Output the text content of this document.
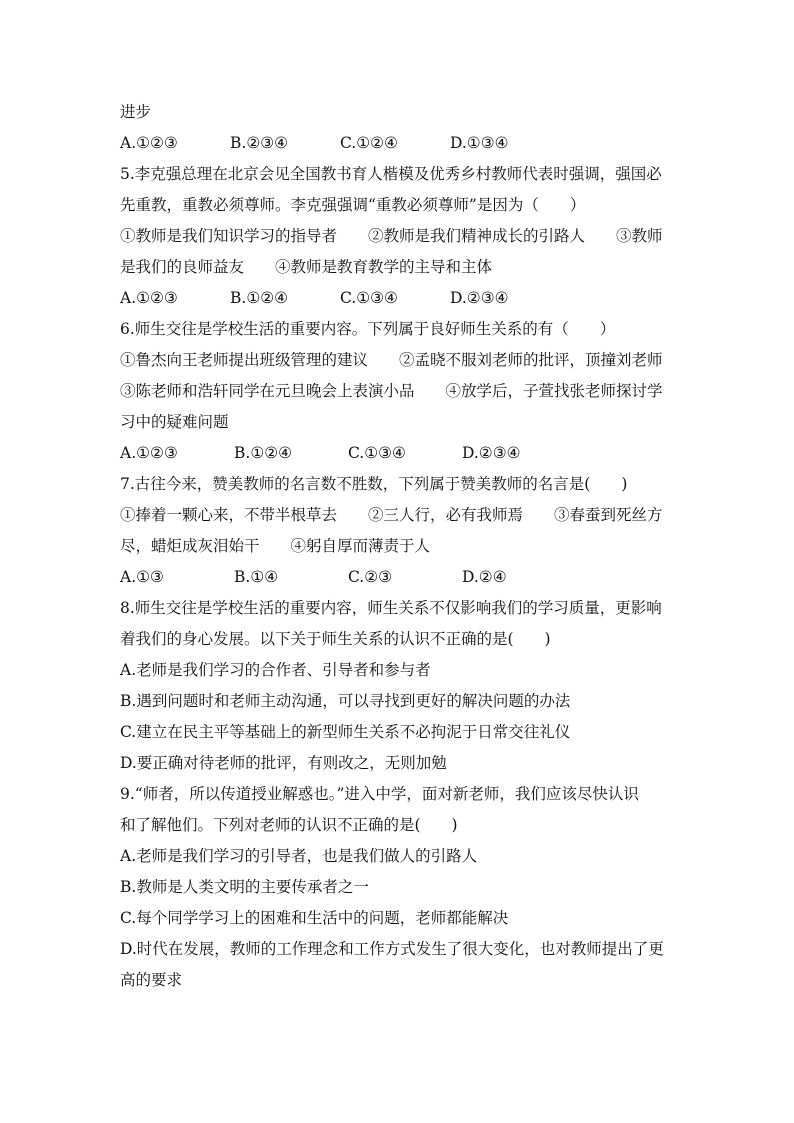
进步
A.①②③	B.②③④	C.①②④	D.①③④
5.李克强总理在北京会见全国教书育人楷模及优秀乡村教师代表时强调，强国必
先重教，重教必须尊师。李克强强调“重教必须尊师”是因为（　　）
①教师是我们知识学习的指导者　　②教师是我们精神成长的引路人　　③教师
是我们的良师益友　　④教师是教育教学的主导和主体
A.①②③	B.①②④	C.①③④	D.②③④
6.师生交往是学校生活的重要内容。下列属于良好师生关系的有（　　）
①鲁杰向王老师提出班级管理的建议　　②孟晓不服刘老师的批评，顶撞刘老师
③陈老师和浩轩同学在元旦晚会上表演小品　　④放学后，子萱找张老师探讨学
习中的疑难问题
A.①②③	B.①②④	C.①③④	D.②③④
7.古往今来，赞美教师的名言数不胜数，下列属于赞美教师的名言是(　　)
①捧着一颗心来，不带半根草去　　②三人行，必有我师焉　　③春蚕到死丝方
尽，蜡炬成灰泪始干　　④躬自厚而薄责于人
A.①③	B.①④	C.②③	D.②④
8.师生交往是学校生活的重要内容，师生关系不仅影响我们的学习质量，更影响
着我们的身心发展。以下关于师生关系的认识不正确的是(　　)
A.老师是我们学习的合作者、引导者和参与者
B.遇到问题时和老师主动沟通，可以寻找到更好的解决问题的办法
C.建立在民主平等基础上的新型师生关系不必拘泥于日常交往礼仪
D.要正确对待老师的批评，有则改之，无则加勉
9.“师者，所以传道授业解惑也。”进入中学，面对新老师，我们应该尽快认识
和了解他们。下列对老师的认识不正确的是(　　)
A.老师是我们学习的引导者，也是我们做人的引路人
B.教师是人类文明的主要传承者之一
C.每个同学学习上的困难和生活中的问题，老师都能解决
D.时代在发展，教师的工作理念和工作方式发生了很大变化，也对教师提出了更
高的要求
